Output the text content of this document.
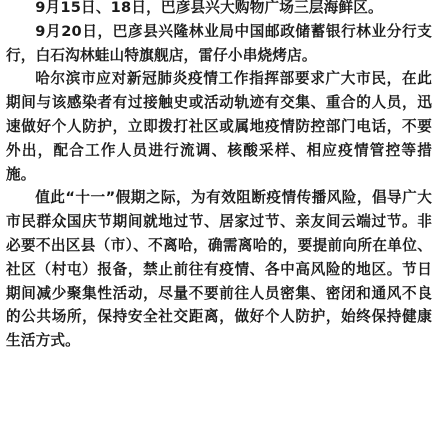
9月15日、18日，巴彦县兴大购物广场三层海鲜区。

9月20日，巴彦县兴隆林业局中国邮政储蓄银行林业分行支行，白石沟林蛙山特旗舰店，雷仔小串烧烤店。

哈尔滨市应对新冠肺炎疫情工作指挥部要求广大市民，在此期间与该感染者有过接触史或活动轨迹有交集、重合的人员，迅速做好个人防护，立即拨打社区或属地疫情防控部门电话，不要外出，配合工作人员进行流调、核酸采样、相应疫情管控等措施。

值此“十一”假期之际，为有效阻断疫情传播风险，倡导广大市民群众国庆节期间就地过节、居家过节、亲友间云端过节。非必要不出区县（市）、不离哈，确需离哈的，要提前向所在单位、社区（村屯）报备，禁止前往有疫情、各中高风险的地区。节日期间减少聚集性活动，尽量不要前往人员密集、密闭和通风不良的公共场所，保持安全社交距离，做好个人防护，始终保持健康生活方式。
